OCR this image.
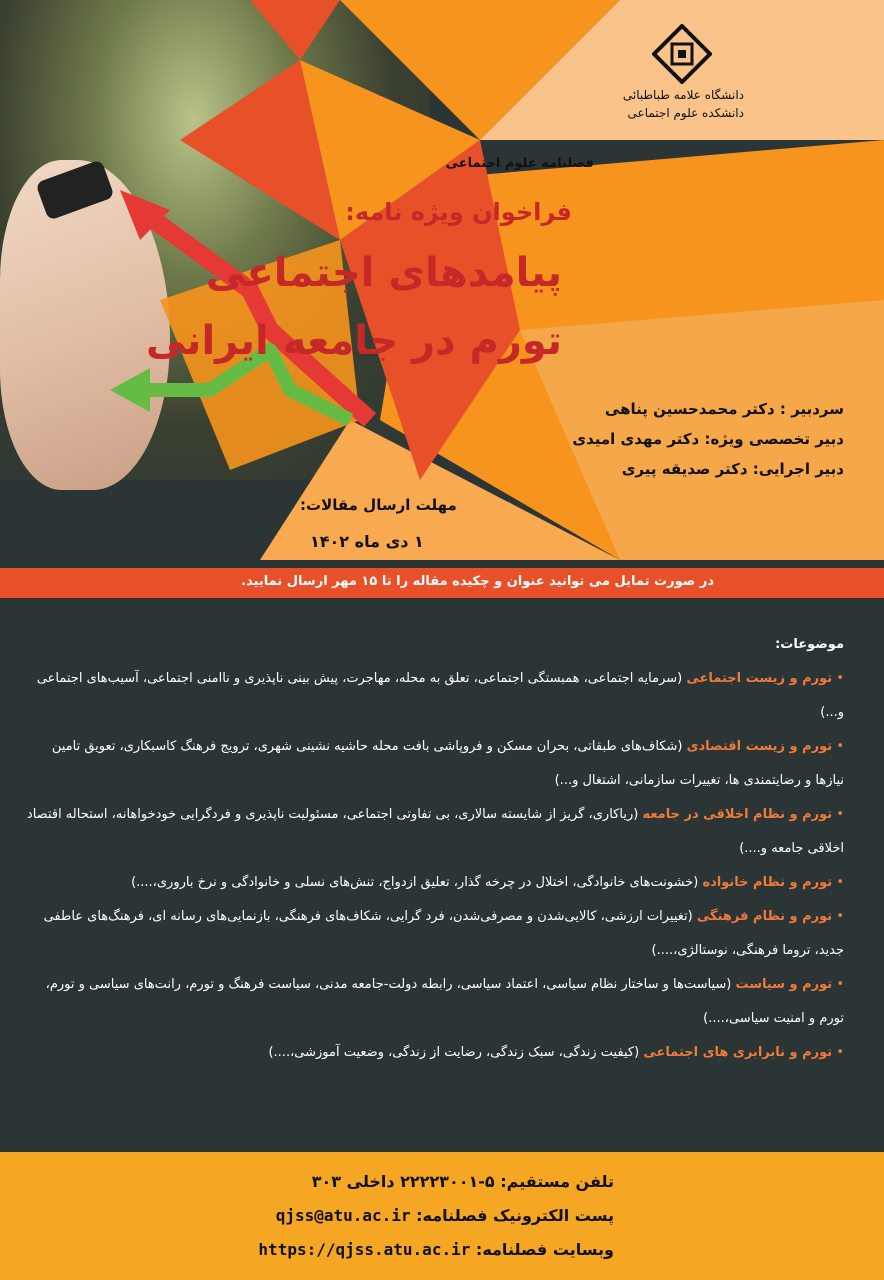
دانشگاه علامه طباطبائی
دانشکده علوم اجتماعی
فصلنامه علوم اجتماعی
فراخوان ویژه نامه:
پیامدهای اجتماعی
تورم در جامعه ایرانی
سردبیر : دکتر محمدحسین پناهی
دبیر تخصصی ویژه: دکتر مهدی امیدی
دبیر اجرایی: دکتر صدیقه پیری
مهلت ارسال مقالات:
۱ دی ماه ۱۴۰۲
در صورت تمایل می توانید عنوان و چکیده مقاله را تا ۱۵ مهر ارسال نمایید.
موضوعات:
• تورم و زیست اجتماعی (سرمایه اجتماعی، همبستگی اجتماعی، تعلق به محله، مهاجرت، پیش بینی ناپذیری و ناامنی اجتماعی، آسیب‌های اجتماعی و...)
• تورم و زیست اقتصادی (شکاف‌های طبقاتی، بحران مسکن و فروپاشی بافت محله حاشیه نشینی شهری، ترویج فرهنگ کاسبکاری، تعویق تامین نیازها و رضایتمندی ها، تغییرات سازمانی، اشتغال و...)
• تورم و نظام اخلاقی در جامعه (ریاکاری، گریز از شایسته سالاری، بی تفاوتی اجتماعی، مسئولیت ناپذیری و فردگرایی خودخواهانه، استحاله اقتصاد اخلاقی جامعه و....)
• تورم و نظام خانواده (خشونت‌های خانوادگی، اختلال در چرخه گذار، تعلیق ازدواج، تنش‌های نسلی و خانوادگی و نرخ باروری،....)
• تورم و نظام فرهنگی (تغییرات ارزشی، کالایی‌شدن و مصرفی‌شدن، فرد گرایی، شکاف‌های فرهنگی، بازنمایی‌های رسانه ای، فرهنگ‌های عاطفی جدید، تروما فرهنگی، نوستالژی،....)
• تورم و سیاست (سیاست‌ها و ساختار نظام سیاسی، اعتماد سیاسی، رابطه دولت-جامعه مدنی، سیاست فرهنگ و تورم، رانت‌های سیاسی و تورم، تورم و امنیت سیاسی،....)
• تورم و نابرابری های اجتماعی (کیفیت زندگی، سبک زندگی، رضایت از زندگی، وضعیت آموزشی،....)
تلفن مستقیم: ۵-۲۲۲۲۳۰۰۱ داخلی ۳۰۳
پست الکترونیک فصلنامه: qjss@atu.ac.ir
وبسایت فصلنامه: https://qjss.atu.ac.ir
